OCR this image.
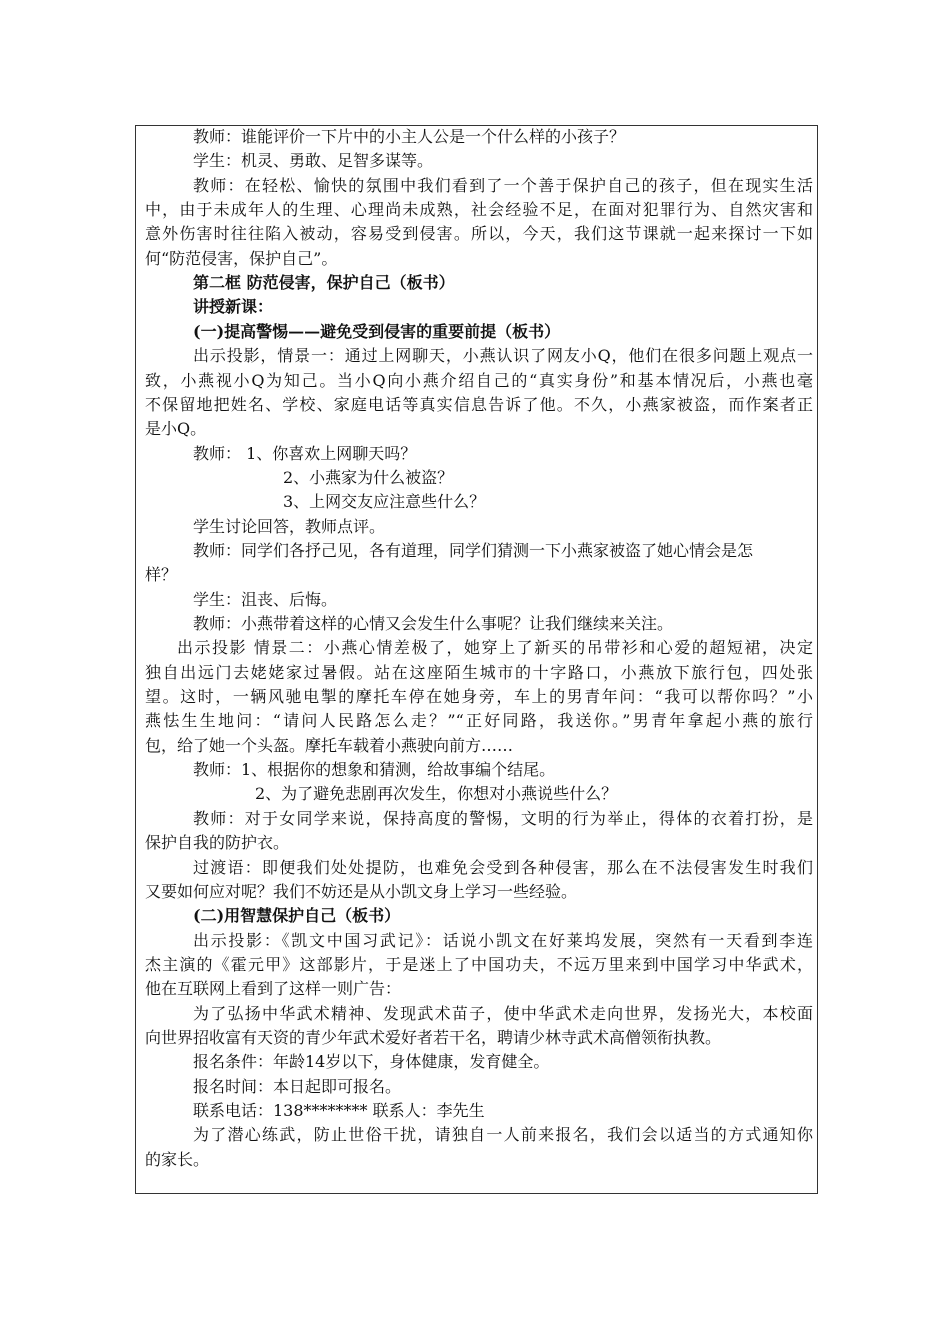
教师：谁能评价一下片中的小主人公是一个什么样的小孩子？
学生：机灵、勇敢、足智多谋等。
教师：在轻松、愉快的氛围中我们看到了一个善于保护自己的孩子，但在现实生活
中，由于未成年人的生理、心理尚未成熟，社会经验不足，在面对犯罪行为、自然灾害和
意外伤害时往往陷入被动，容易受到侵害。所以，今天，我们这节课就一起来探讨一下如
何“防范侵害，保护自己”。
第二框 防范侵害，保护自己（板书）
讲授新课：
(一)提高警惕——避免受到侵害的重要前提（板书）
出示投影，情景一：通过上网聊天，小燕认识了网友小Q，他们在很多问题上观点一
致，小燕视小Q为知己。当小Q向小燕介绍自己的“真实身份”和基本情况后，小燕也毫
不保留地把姓名、学校、家庭电话等真实信息告诉了他。不久，小燕家被盗，而作案者正
是小Q。
教师： 1、你喜欢上网聊天吗？
2、小燕家为什么被盗？
3、上网交友应注意些什么？
学生讨论回答，教师点评。
教师：同学们各抒己见，各有道理，同学们猜测一下小燕家被盗了她心情会是怎
样？
学生：沮丧、后悔。
教师：小燕带着这样的心情又会发生什么事呢？让我们继续来关注。
出示投影 情景二：小燕心情差极了，她穿上了新买的吊带衫和心爱的超短裙，决定
独自出远门去姥姥家过暑假。站在这座陌生城市的十字路口，小燕放下旅行包，四处张
望。这时，一辆风驰电掣的摩托车停在她身旁，车上的男青年问：“我可以帮你吗？”小
燕怯生生地问：“请问人民路怎么走？”“正好同路，我送你。”男青年拿起小燕的旅行
包，给了她一个头盔。摩托车载着小燕驶向前方……
教师：1、根据你的想象和猜测，给故事编个结尾。
2、为了避免悲剧再次发生，你想对小燕说些什么？
教师：对于女同学来说，保持高度的警惕，文明的行为举止，得体的衣着打扮，是
保护自我的防护衣。
过渡语：即便我们处处提防，也难免会受到各种侵害，那么在不法侵害发生时我们
又要如何应对呢？我们不妨还是从小凯文身上学习一些经验。
(二)用智慧保护自己（板书）
出示投影：《凯文中国习武记》：话说小凯文在好莱坞发展，突然有一天看到李连
杰主演的《霍元甲》这部影片，于是迷上了中国功夫，不远万里来到中国学习中华武术，
他在互联网上看到了这样一则广告：
为了弘扬中华武术精神、发现武术苗子，使中华武术走向世界，发扬光大，本校面
向世界招收富有天资的青少年武术爱好者若干名，聘请少林寺武术高僧领衔执教。
报名条件：年龄14岁以下，身体健康，发育健全。
报名时间：本日起即可报名。
联系电话：138******** 联系人：李先生
为了潜心练武，防止世俗干扰，请独自一人前来报名，我们会以适当的方式通知你
的家长。
